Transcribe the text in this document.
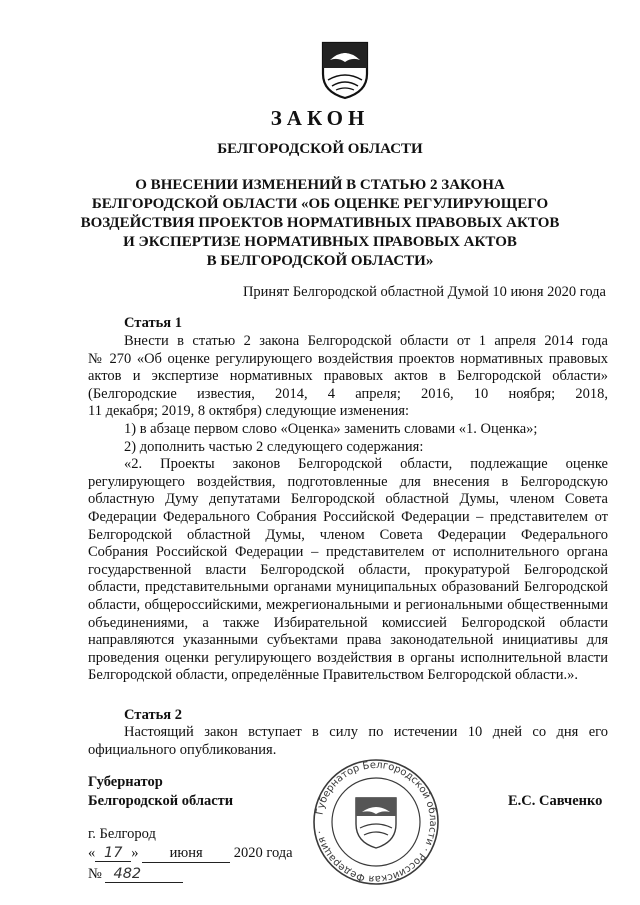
ЗАКОН
БЕЛГОРОДСКОЙ ОБЛАСТИ
О ВНЕСЕНИИ ИЗМЕНЕНИЙ В СТАТЬЮ 2 ЗАКОНА
БЕЛГОРОДСКОЙ ОБЛАСТИ «ОБ ОЦЕНКЕ РЕГУЛИРУЮЩЕГО
ВОЗДЕЙСТВИЯ ПРОЕКТОВ НОРМАТИВНЫХ ПРАВОВЫХ АКТОВ
И ЭКСПЕРТИЗЕ НОРМАТИВНЫХ ПРАВОВЫХ АКТОВ
В БЕЛГОРОДСКОЙ ОБЛАСТИ»
Принят Белгородской областной Думой 10 июня 2020 года
Статья 1
Внести в статью 2 закона Белгородской области от 1 апреля 2014 года
№ 270 «Об оценке регулирующего воздействия проектов нормативных правовых
актов и экспертизе нормативных правовых актов в Белгородской области»
(Белгородские известия, 2014, 4 апреля; 2016, 10 ноября; 2018,
11 декабря; 2019, 8 октября) следующие изменения:
1) в абзаце первом слово «Оценка» заменить словами «1. Оценка»;
2) дополнить частью 2 следующего содержания:
«2. Проекты законов Белгородской области, подлежащие оценке
регулирующего воздействия, подготовленные для внесения в Белгородскую
областную Думу депутатами Белгородской областной Думы, членом Совета
Федерации Федерального Собрания Российской Федерации – представителем от
Белгородской областной Думы, членом Совета Федерации Федерального
Собрания Российской Федерации – представителем от исполнительного органа
государственной власти Белгородской области, прокуратурой Белгородской
области, представительными органами муниципальных образований Белгородской
области, общероссийскими, межрегиональными и региональными общественными
объединениями, а также Избирательной комиссией Белгородской области
направляются указанными субъектами права законодательной инициативы для
проведения оценки регулирующего воздействия в органы исполнительной власти
Белгородской области, определённые Правительством Белгородской области.».
Статья 2
Настоящий закон вступает в силу по истечении 10 дней со дня его
официального опубликования.
Губернатор
Белгородской области	Е.С. Савченко
Губернатор Белгородской области · Российская Федерация ·
г. Белгород
« 17 » июня 2020 года
№ 482
